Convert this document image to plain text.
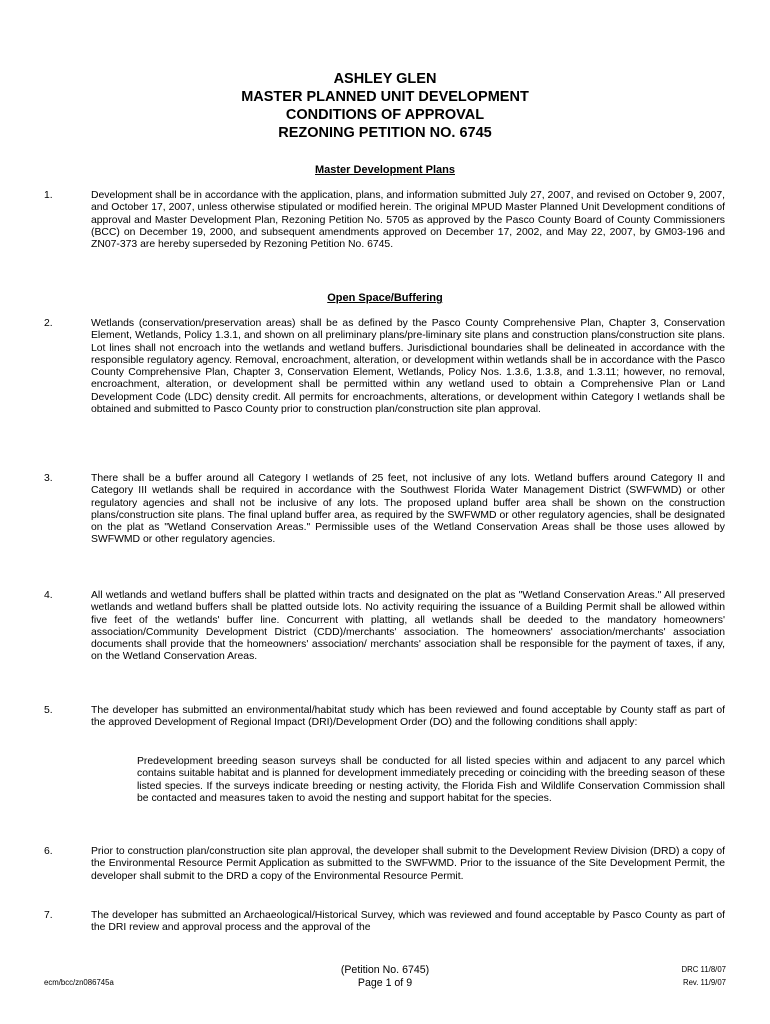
ASHLEY GLEN
MASTER PLANNED UNIT DEVELOPMENT
CONDITIONS OF APPROVAL
REZONING PETITION NO. 6745
Master Development Plans
1.	Development shall be in accordance with the application, plans, and information submitted July 27, 2007, and revised on October 9, 2007, and October 17, 2007, unless otherwise stipulated or modified herein. The original MPUD Master Planned Unit Development conditions of approval and Master Development Plan, Rezoning Petition No. 5705 as approved by the Pasco County Board of County Commissioners (BCC) on December 19, 2000, and subsequent amendments approved on December 17, 2002, and May 22, 2007, by GM03-196 and ZN07-373 are hereby superseded by Rezoning Petition No. 6745.

Open Space/Buffering
2.	Wetlands (conservation/preservation areas) shall be as defined by the Pasco County Comprehensive Plan, Chapter 3, Conservation Element, Wetlands, Policy 1.3.1, and shown on all preliminary plans/pre-liminary site plans and construction plans/construction site plans. Lot lines shall not encroach into the wetlands and wetland buffers. Jurisdictional boundaries shall be delineated in accordance with the responsible regulatory agency. Removal, encroachment, alteration, or development within wetlands shall be in accordance with the Pasco County Comprehensive Plan, Chapter 3, Conservation Element, Wetlands, Policy Nos. 1.3.6, 1.3.8, and 1.3.11; however, no removal, encroachment, alteration, or development shall be permitted within any wetland used to obtain a Comprehensive Plan or Land Development Code (LDC) density credit. All permits for encroachments, alterations, or development within Category I wetlands shall be obtained and submitted to Pasco County prior to construction plan/construction site plan approval.

3.	There shall be a buffer around all Category I wetlands of 25 feet, not inclusive of any lots. Wetland buffers around Category II and Category III wetlands shall be required in accordance with the Southwest Florida Water Management District (SWFWMD) or other regulatory agencies and shall not be inclusive of any lots. The proposed upland buffer area shall be shown on the construction plans/construction site plans. The final upland buffer area, as required by the SWFWMD or other regulatory agencies, shall be designated on the plat as "Wetland Conservation Areas." Permissible uses of the Wetland Conservation Areas shall be those uses allowed by SWFWMD or other regulatory agencies.

4.	All wetlands and wetland buffers shall be platted within tracts and designated on the plat as "Wetland Conservation Areas." All preserved wetlands and wetland buffers shall be platted outside lots. No activity requiring the issuance of a Building Permit shall be allowed within five feet of the wetlands' buffer line. Concurrent with platting, all wetlands shall be deeded to the mandatory homeowners' association/Community Development District (CDD)/merchants' association. The homeowners' association/merchants' association documents shall provide that the homeowners' association/ merchants' association shall be responsible for the payment of taxes, if any, on the Wetland Conservation Areas.

5.	The developer has submitted an environmental/habitat study which has been reviewed and found acceptable by County staff as part of the approved Development of Regional Impact (DRI)/Development Order (DO) and the following conditions shall apply:

Predevelopment breeding season surveys shall be conducted for all listed species within and adjacent to any parcel which contains suitable habitat and is planned for development immediately preceding or coinciding with the breeding season of these listed species. If the surveys indicate breeding or nesting activity, the Florida Fish and Wildlife Conservation Commission shall be contacted and measures taken to avoid the nesting and support habitat for the species.

6.	Prior to construction plan/construction site plan approval, the developer shall submit to the Development Review Division (DRD) a copy of the Environmental Resource Permit Application as submitted to the SWFWMD. Prior to the issuance of the Site Development Permit, the developer shall submit to the DRD a copy of the Environmental Resource Permit.

7.	The developer has submitted an Archaeological/Historical Survey, which was reviewed and found acceptable by Pasco County as part of the DRI review and approval process and the approval of the

(Petition No. 6745)
Page 1 of 9
ecm/bcc/zn086745a
DRC 11/8/07
Rev. 11/9/07
